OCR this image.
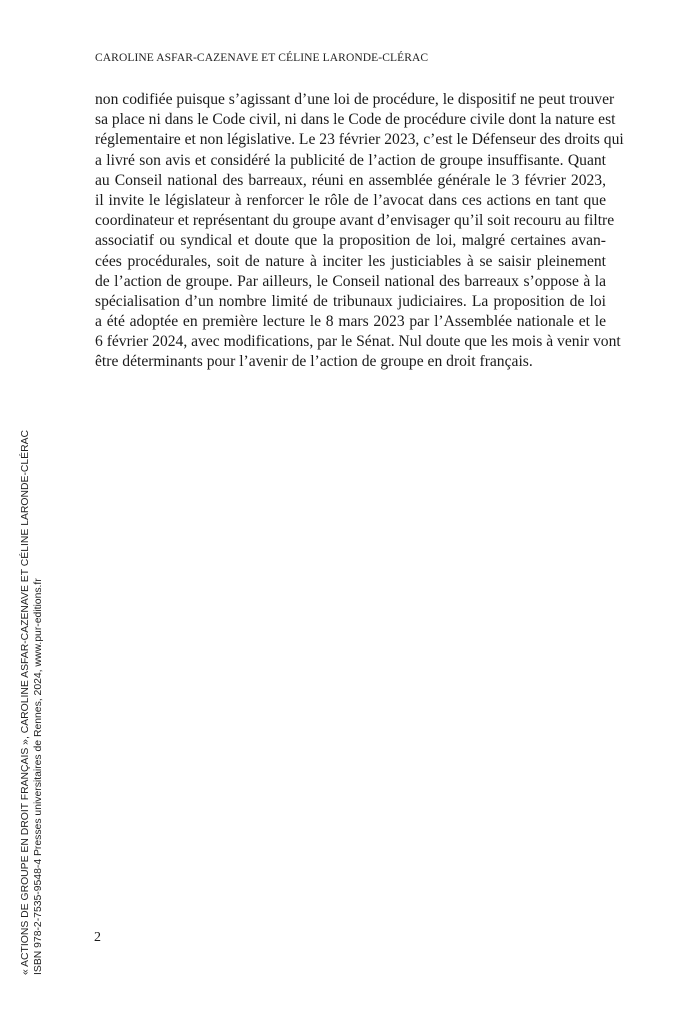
CAROLINE ASFAR-CAZENAVE ET CÉLINE LARONDE-CLÉRAC
non codifiée puisque s’agissant d’une loi de procédure, le dispositif ne peut trouver
sa place ni dans le Code civil, ni dans le Code de procédure civile dont la nature est
réglementaire et non législative. Le 23 février 2023, c’est le Défenseur des droits qui
a livré son avis et considéré la publicité de l’action de groupe insuffisante. Quant
au Conseil national des barreaux, réuni en assemblée générale le 3 février 2023,
il invite le législateur à renforcer le rôle de l’avocat dans ces actions en tant que
coordinateur et représentant du groupe avant d’envisager qu’il soit recouru au filtre
associatif ou syndical et doute que la proposition de loi, malgré certaines avan-
cées procédurales, soit de nature à inciter les justiciables à se saisir pleinement
de l’action de groupe. Par ailleurs, le Conseil national des barreaux s’oppose à la
spécialisation d’un nombre limité de tribunaux judiciaires. La proposition de loi
a été adoptée en première lecture le 8 mars 2023 par l’Assemblée nationale et le
6 février 2024, avec modifications, par le Sénat. Nul doute que les mois à venir vont
être déterminants pour l’avenir de l’action de groupe en droit français.
2
« ACTIONS DE GROUPE EN DROIT FRANÇAIS », CAROLINE ASFAR-CAZENAVE ET CÉLINE LARONDE-CLÉRAC ISBN 978-2-7535-9548-4 Presses universitaires de Rennes, 2024, www.pur-editions.fr
